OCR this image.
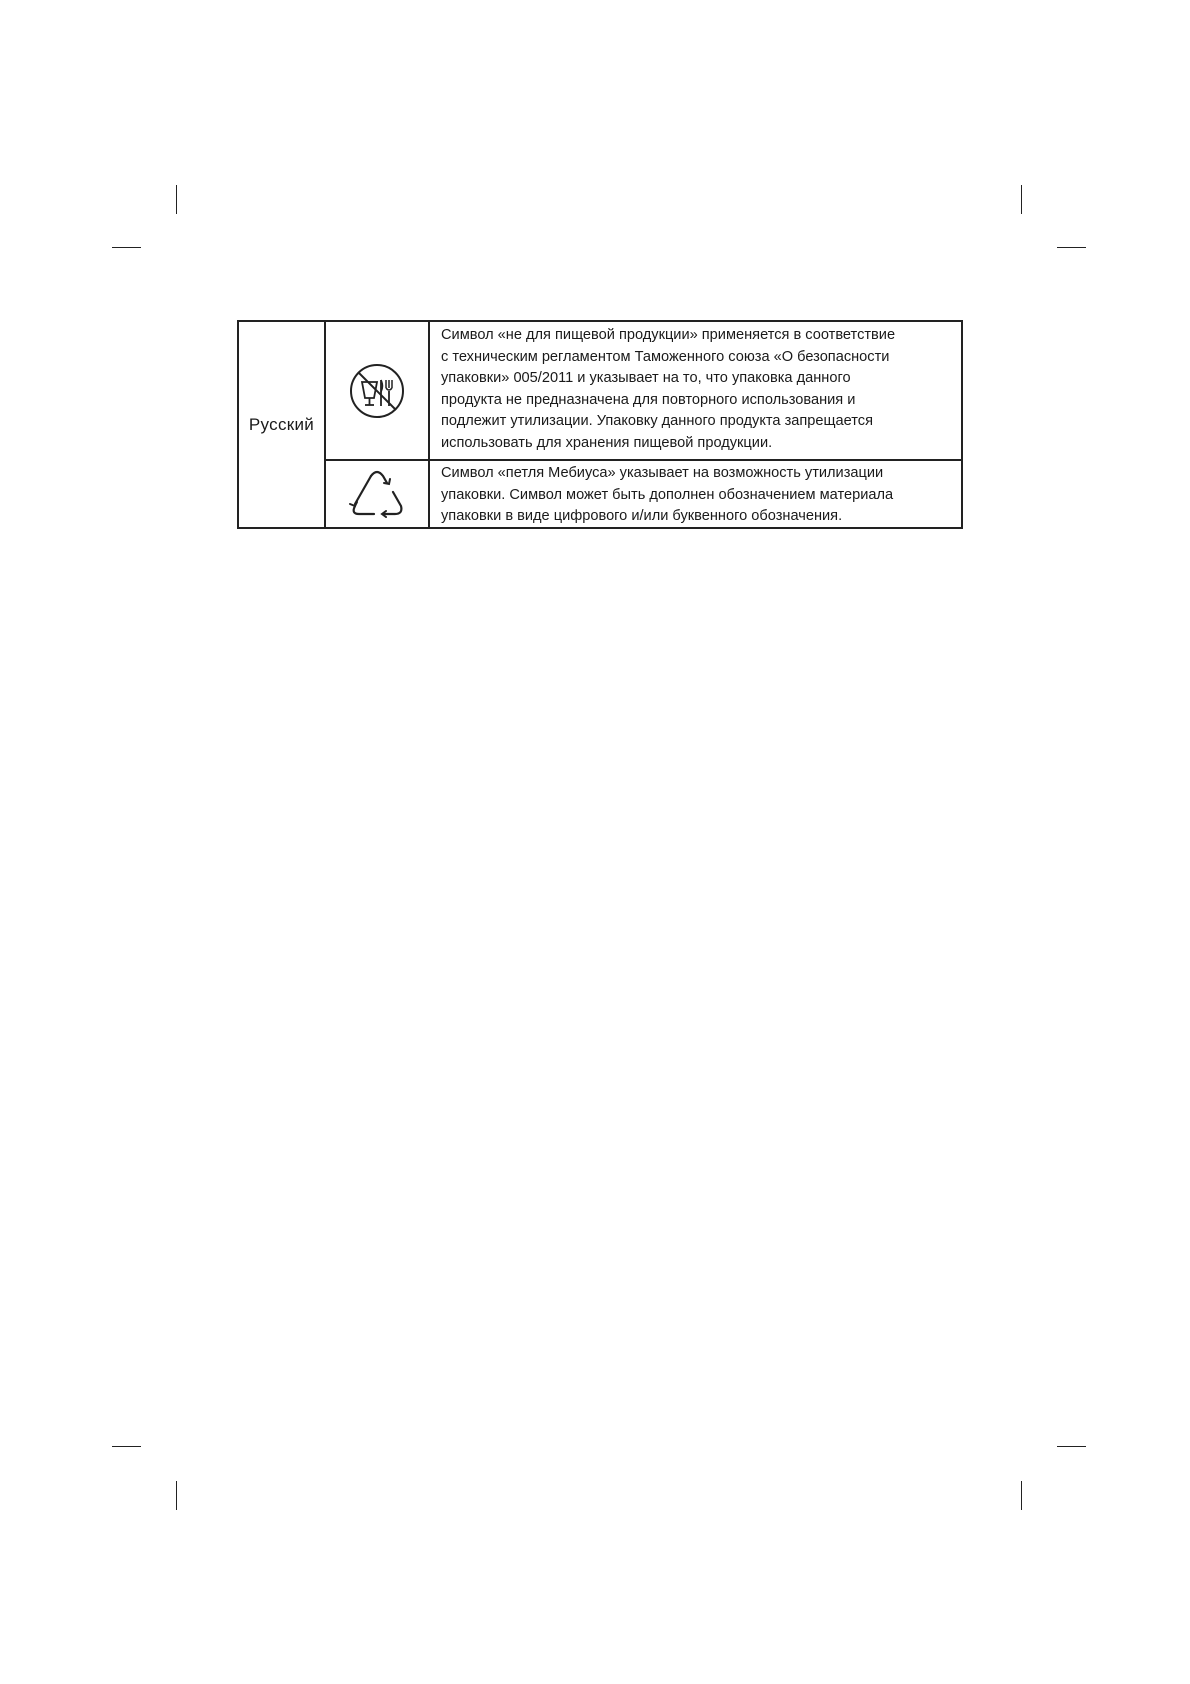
Русский
Символ «не для пищевой продукции» применяется в соответствие
с техническим регламентом Таможенного союза «О безопасности
упаковки» 005/2011 и указывает на то, что упаковка данного
продукта не предназначена для повторного использования и
подлежит утилизации. Упаковку данного продукта запрещается
использовать для хранения пищевой продукции.
Символ «петля Мебиуса» указывает на возможность утилизации
упаковки. Символ может быть дополнен обозначением материала
упаковки в виде цифрового и/или буквенного обозначения.
